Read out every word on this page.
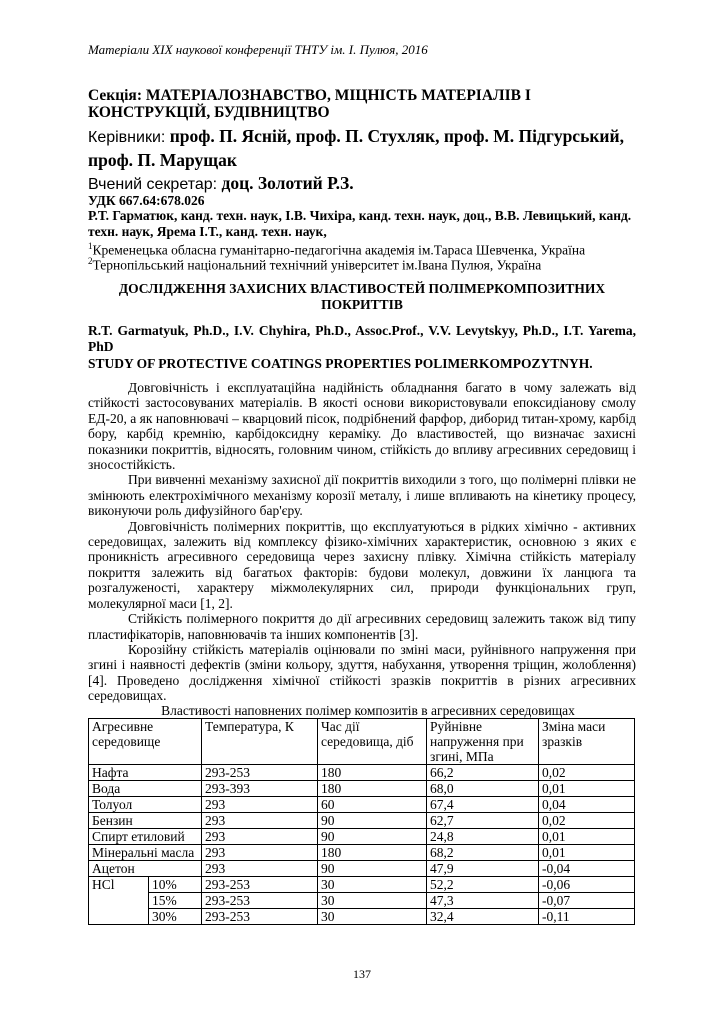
Матеріали ХІХ наукової конференції ТНТУ ім. І. Пулюя, 2016
Секція: МАТЕРІАЛОЗНАВСТВО, МІЦНІСТЬ МАТЕРІАЛІВ І КОНСТРУКЦІЙ, БУДІВНИЦТВО
Керівники: проф. П. Ясній, проф. П. Стухляк, проф. М. Підгурський, проф. П. Марущак
Вчений секретар: доц. Золотий Р.З.
УДК 667.64:678.026
Р.Т. Гарматюк, канд. техн. наук, І.В. Чихіра, канд. техн. наук, доц., В.В. Левицький, канд. техн. наук, Ярема І.Т., канд. техн. наук,
$^1$Кременецька обласна гуманітарно-педагогічна академія ім.Тараса Шевченка, Україна
$^2$Тернопільський національний технічний університет ім.Івана Пулюя, Україна
ДОСЛІДЖЕННЯ ЗАХИСНИХ ВЛАСТИВОСТЕЙ ПОЛІМЕРКОМПОЗИТНИХ ПОКРИТТІВ
R.T. Garmatyuk, Ph.D., I.V. Chyhira, Ph.D., Assoc.Prof., V.V. Levytskyy, Ph.D., I.T. Yarema, PhD
STUDY OF PROTECTIVE COATINGS PROPERTIES POLIMERKOMPOZYTNYH.

Довговічність і експлуатаційна надійність обладнання багато в чому залежать від стійкості застосовуваних матеріалів. В якості основи використовували епоксидіанову смолу ЕД-20, а як наповнювачі – кварцовий пісок, подрібнений фарфор, диборид титан-хрому, карбід бору, карбід кремнію, карбідоксидну кераміку. До властивостей, що визначає захисні показники покриттів, відносять, головним чином, стійкість до впливу агресивних середовищ і зносостійкість.

При вивченні механізму захисної дії покриттів виходили з того, що полімерні плівки не змінюють електрохімічного механізму корозії металу, і лише впливають на кінетику процесу, виконуючи роль дифузійного бар'єру.

Довговічність полімерних покриттів, що експлуатуються в рідких хімічно - активних середовищах, залежить від комплексу фізико-хімічних характеристик, основною з яких є проникність агресивного середовища через захисну плівку. Хімічна стійкість матеріалу покриття залежить від багатьох факторів: будови молекул, довжини їх ланцюга та розгалуженості, характеру міжмолекулярних сил, природи функціональних груп, молекулярної маси [1, 2].

Стійкість полімерного покриття до дії агресивних середовищ залежить також від типу пластифікаторів, наповнювачів та інших компонентів [3].

Корозійну стійкість матеріалів оцінювали по зміні маси, руйнівного напруження при згині і наявності дефектів (зміни кольору, здуття, набухання, утворення тріщин, жолоблення) [4]. Проведено дослідження хімічної стійкості зразків покриттів в різних агресивних середовищах.

Властивості наповнених полімер композитів в агресивних середовищах
Агресивне середовище		Температура, К	Час дії середовища, діб	Руйнівне напруження при згині, МПа	Зміна маси зразків
Нафта		293-253	180	66,2	0,02
Вода		293-393	180	68,0	0,01
Толуол		293	60	67,4	0,04
Бензин		293	90	62,7	0,02
Спирт етиловий		293	90	24,8	0,01
Мінеральні масла		293	180	68,2	0,01
Ацетон		293	90	47,9	-0,04
HCl	10%	293-253	30	52,2	-0,06
	15%	293-253	30	47,3	-0,07
	30%	293-253	30	32,4	-0,11
137
